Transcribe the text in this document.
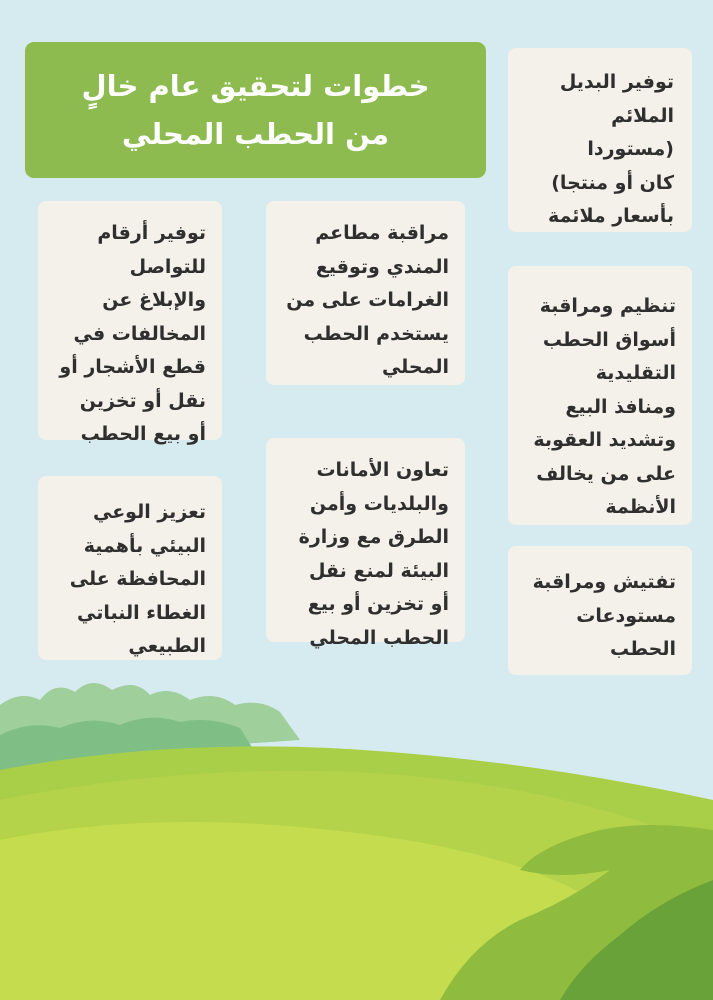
خطوات لتحقيق عام خالٍ
من الحطب المحلي
توفير البديل
الملائم
(مستوردا
كان أو منتجا)
بأسعار ملائمة
مراقبة مطاعم
المندي وتوقيع
الغرامات على من
يستخدم الحطب
المحلي
توفير أرقام
للتواصل
والإبلاغ عن
المخالفات في
قطع الأشجار أو
نقل أو تخزين
أو بيع الحطب
تنظيم ومراقبة
أسواق الحطب
التقليدية
ومنافذ البيع
وتشديد العقوبة
على من يخالف
الأنظمة
تعاون الأمانات
والبلديات وأمن
الطرق مع وزارة
البيئة لمنع نقل
أو تخزين أو بيع
الحطب المحلي
تعزيز الوعي
البيئي بأهمية
المحافظة على
الغطاء النباتي
الطبيعي
تفتيش ومراقبة
مستودعات
الحطب
